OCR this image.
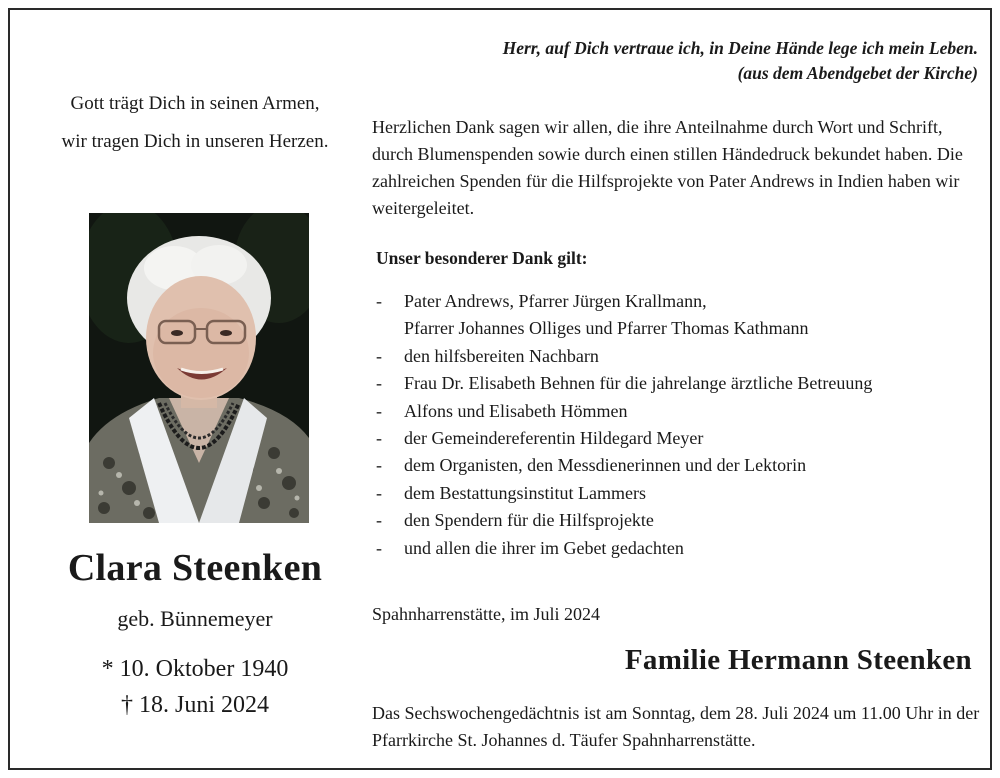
Gott trägt Dich in seinen Armen,
wir tragen Dich in unseren Herzen.
Clara Steenken
geb. Bünnemeyer
* 10. Oktober 1940
† 18. Juni 2024
Herr, auf Dich vertraue ich, in Deine Hände lege ich mein Leben.
(aus dem Abendgebet der Kirche)
Herzlichen Dank sagen wir allen, die ihre Anteilnahme durch Wort und Schrift, durch Blumenspenden sowie durch einen stillen Händedruck bekundet haben. Die zahlreichen Spenden für die Hilfsprojekte von Pater Andrews in Indien haben wir weitergeleitet.
Unser besonderer Dank gilt:
- Pater Andrews, Pfarrer Jürgen Krallmann,
Pfarrer Johannes Olliges und Pfarrer Thomas Kathmann
- den hilfsbereiten Nachbarn
- Frau Dr. Elisabeth Behnen für die jahrelange ärztliche Betreuung
- Alfons und Elisabeth Hömmen
- der Gemeindereferentin Hildegard Meyer
- dem Organisten, den Messdienerinnen und der Lektorin
- dem Bestattungsinstitut Lammers
- den Spendern für die Hilfsprojekte
- und allen die ihrer im Gebet gedachten
Spahnharrenstätte, im Juli 2024
Familie Hermann Steenken
Das Sechswochengedächtnis ist am Sonntag, dem 28. Juli 2024 um 11.00 Uhr in der Pfarrkirche St. Johannes d. Täufer Spahnharrenstätte.
